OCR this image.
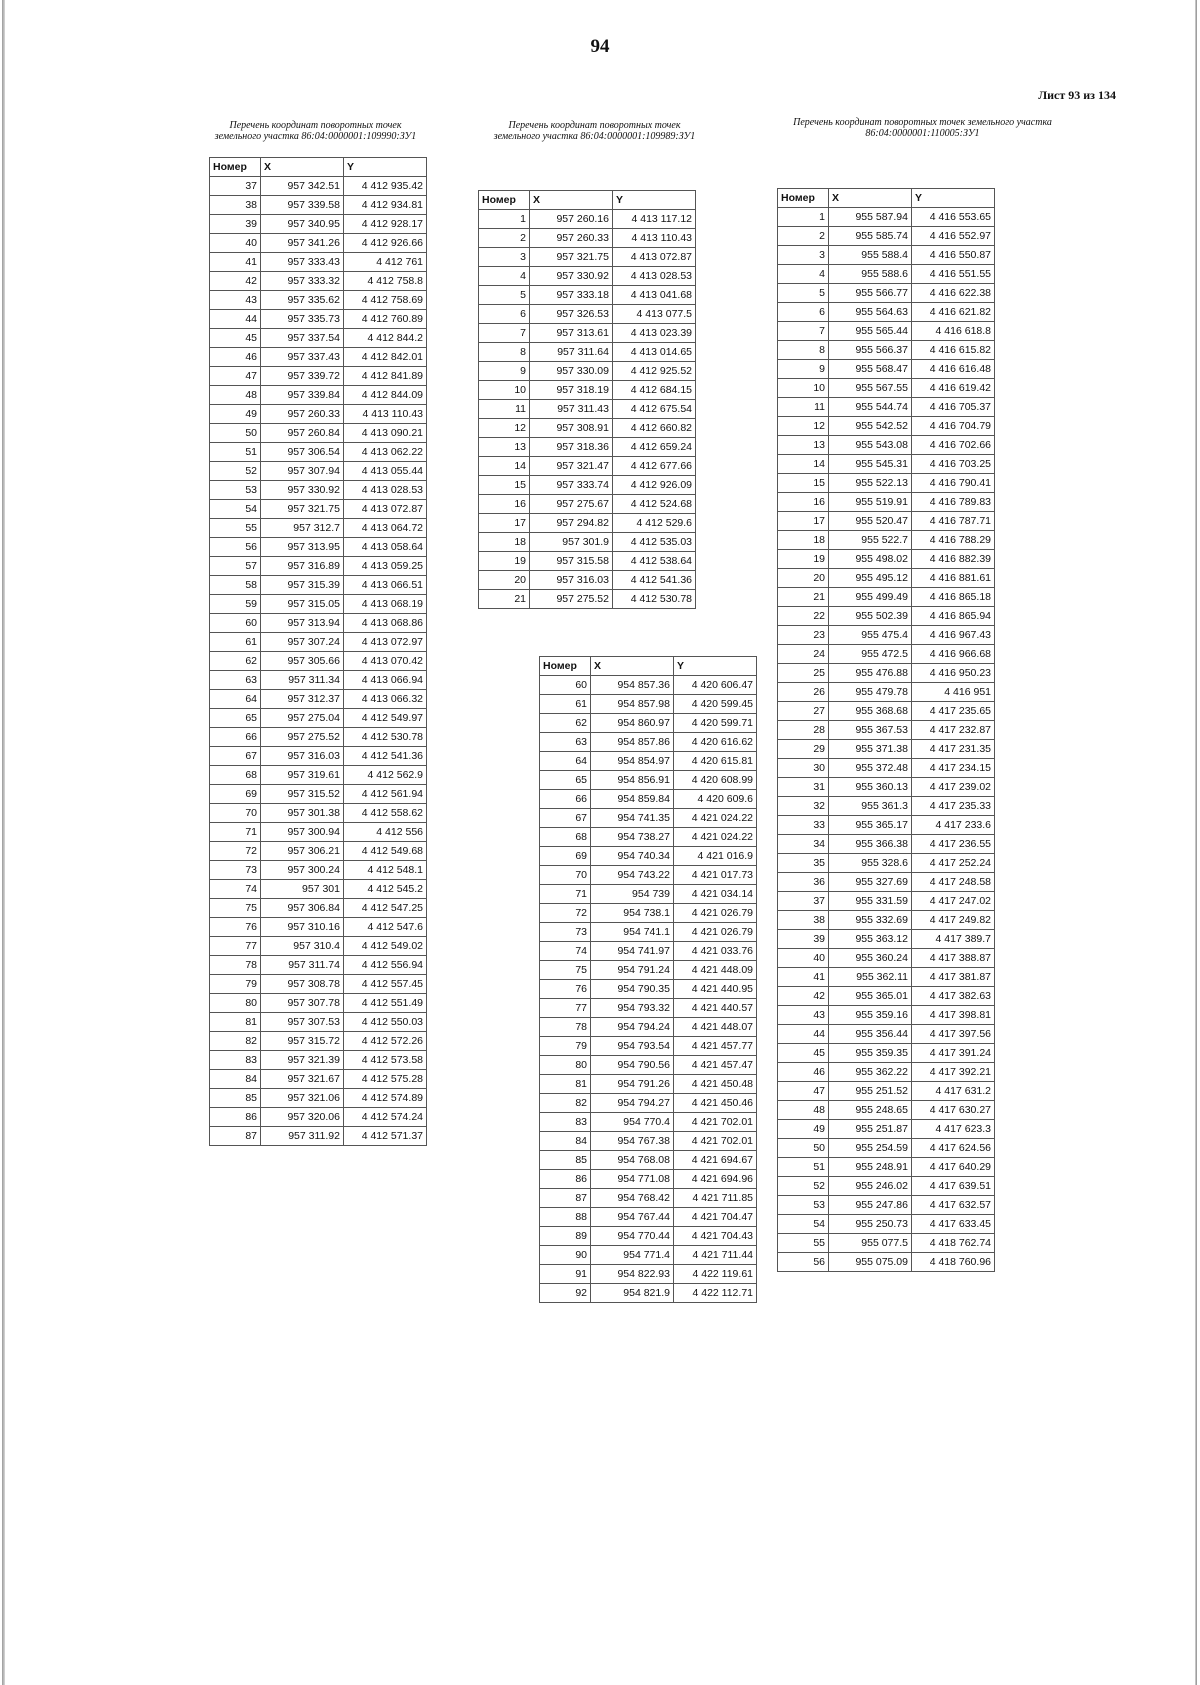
94
Лист 93 из 134
Перечень координат поворотных точек
земельного участка 86:04:0000001:109990:ЗУ1
Перечень координат поворотных точек
земельного участка 86:04:0000001:109989:ЗУ1
Перечень координат поворотных точек земельного участка
86:04:0000001:110005:ЗУ1
Номер	X	Y
37	957 342.51	4 412 935.42
38	957 339.58	4 412 934.81
39	957 340.95	4 412 928.17
40	957 341.26	4 412 926.66
41	957 333.43	4 412 761
42	957 333.32	4 412 758.8
43	957 335.62	4 412 758.69
44	957 335.73	4 412 760.89
45	957 337.54	4 412 844.2
46	957 337.43	4 412 842.01
47	957 339.72	4 412 841.89
48	957 339.84	4 412 844.09
49	957 260.33	4 413 110.43
50	957 260.84	4 413 090.21
51	957 306.54	4 413 062.22
52	957 307.94	4 413 055.44
53	957 330.92	4 413 028.53
54	957 321.75	4 413 072.87
55	957 312.7	4 413 064.72
56	957 313.95	4 413 058.64
57	957 316.89	4 413 059.25
58	957 315.39	4 413 066.51
59	957 315.05	4 413 068.19
60	957 313.94	4 413 068.86
61	957 307.24	4 413 072.97
62	957 305.66	4 413 070.42
63	957 311.34	4 413 066.94
64	957 312.37	4 413 066.32
65	957 275.04	4 412 549.97
66	957 275.52	4 412 530.78
67	957 316.03	4 412 541.36
68	957 319.61	4 412 562.9
69	957 315.52	4 412 561.94
70	957 301.38	4 412 558.62
71	957 300.94	4 412 556
72	957 306.21	4 412 549.68
73	957 300.24	4 412 548.1
74	957 301	4 412 545.2
75	957 306.84	4 412 547.25
76	957 310.16	4 412 547.6
77	957 310.4	4 412 549.02
78	957 311.74	4 412 556.94
79	957 308.78	4 412 557.45
80	957 307.78	4 412 551.49
81	957 307.53	4 412 550.03
82	957 315.72	4 412 572.26
83	957 321.39	4 412 573.58
84	957 321.67	4 412 575.28
85	957 321.06	4 412 574.89
86	957 320.06	4 412 574.24
87	957 311.92	4 412 571.37
Номер	X	Y
1	957 260.16	4 413 117.12
2	957 260.33	4 413 110.43
3	957 321.75	4 413 072.87
4	957 330.92	4 413 028.53
5	957 333.18	4 413 041.68
6	957 326.53	4 413 077.5
7	957 313.61	4 413 023.39
8	957 311.64	4 413 014.65
9	957 330.09	4 412 925.52
10	957 318.19	4 412 684.15
11	957 311.43	4 412 675.54
12	957 308.91	4 412 660.82
13	957 318.36	4 412 659.24
14	957 321.47	4 412 677.66
15	957 333.74	4 412 926.09
16	957 275.67	4 412 524.68
17	957 294.82	4 412 529.6
18	957 301.9	4 412 535.03
19	957 315.58	4 412 538.64
20	957 316.03	4 412 541.36
21	957 275.52	4 412 530.78
Номер	X	Y
60	954 857.36	4 420 606.47
61	954 857.98	4 420 599.45
62	954 860.97	4 420 599.71
63	954 857.86	4 420 616.62
64	954 854.97	4 420 615.81
65	954 856.91	4 420 608.99
66	954 859.84	4 420 609.6
67	954 741.35	4 421 024.22
68	954 738.27	4 421 024.22
69	954 740.34	4 421 016.9
70	954 743.22	4 421 017.73
71	954 739	4 421 034.14
72	954 738.1	4 421 026.79
73	954 741.1	4 421 026.79
74	954 741.97	4 421 033.76
75	954 791.24	4 421 448.09
76	954 790.35	4 421 440.95
77	954 793.32	4 421 440.57
78	954 794.24	4 421 448.07
79	954 793.54	4 421 457.77
80	954 790.56	4 421 457.47
81	954 791.26	4 421 450.48
82	954 794.27	4 421 450.46
83	954 770.4	4 421 702.01
84	954 767.38	4 421 702.01
85	954 768.08	4 421 694.67
86	954 771.08	4 421 694.96
87	954 768.42	4 421 711.85
88	954 767.44	4 421 704.47
89	954 770.44	4 421 704.43
90	954 771.4	4 421 711.44
91	954 822.93	4 422 119.61
92	954 821.9	4 422 112.71
Номер	X	Y
1	955 587.94	4 416 553.65
2	955 585.74	4 416 552.97
3	955 588.4	4 416 550.87
4	955 588.6	4 416 551.55
5	955 566.77	4 416 622.38
6	955 564.63	4 416 621.82
7	955 565.44	4 416 618.8
8	955 566.37	4 416 615.82
9	955 568.47	4 416 616.48
10	955 567.55	4 416 619.42
11	955 544.74	4 416 705.37
12	955 542.52	4 416 704.79
13	955 543.08	4 416 702.66
14	955 545.31	4 416 703.25
15	955 522.13	4 416 790.41
16	955 519.91	4 416 789.83
17	955 520.47	4 416 787.71
18	955 522.7	4 416 788.29
19	955 498.02	4 416 882.39
20	955 495.12	4 416 881.61
21	955 499.49	4 416 865.18
22	955 502.39	4 416 865.94
23	955 475.4	4 416 967.43
24	955 472.5	4 416 966.68
25	955 476.88	4 416 950.23
26	955 479.78	4 416 951
27	955 368.68	4 417 235.65
28	955 367.53	4 417 232.87
29	955 371.38	4 417 231.35
30	955 372.48	4 417 234.15
31	955 360.13	4 417 239.02
32	955 361.3	4 417 235.33
33	955 365.17	4 417 233.6
34	955 366.38	4 417 236.55
35	955 328.6	4 417 252.24
36	955 327.69	4 417 248.58
37	955 331.59	4 417 247.02
38	955 332.69	4 417 249.82
39	955 363.12	4 417 389.7
40	955 360.24	4 417 388.87
41	955 362.11	4 417 381.87
42	955 365.01	4 417 382.63
43	955 359.16	4 417 398.81
44	955 356.44	4 417 397.56
45	955 359.35	4 417 391.24
46	955 362.22	4 417 392.21
47	955 251.52	4 417 631.2
48	955 248.65	4 417 630.27
49	955 251.87	4 417 623.3
50	955 254.59	4 417 624.56
51	955 248.91	4 417 640.29
52	955 246.02	4 417 639.51
53	955 247.86	4 417 632.57
54	955 250.73	4 417 633.45
55	955 077.5	4 418 762.74
56	955 075.09	4 418 760.96
